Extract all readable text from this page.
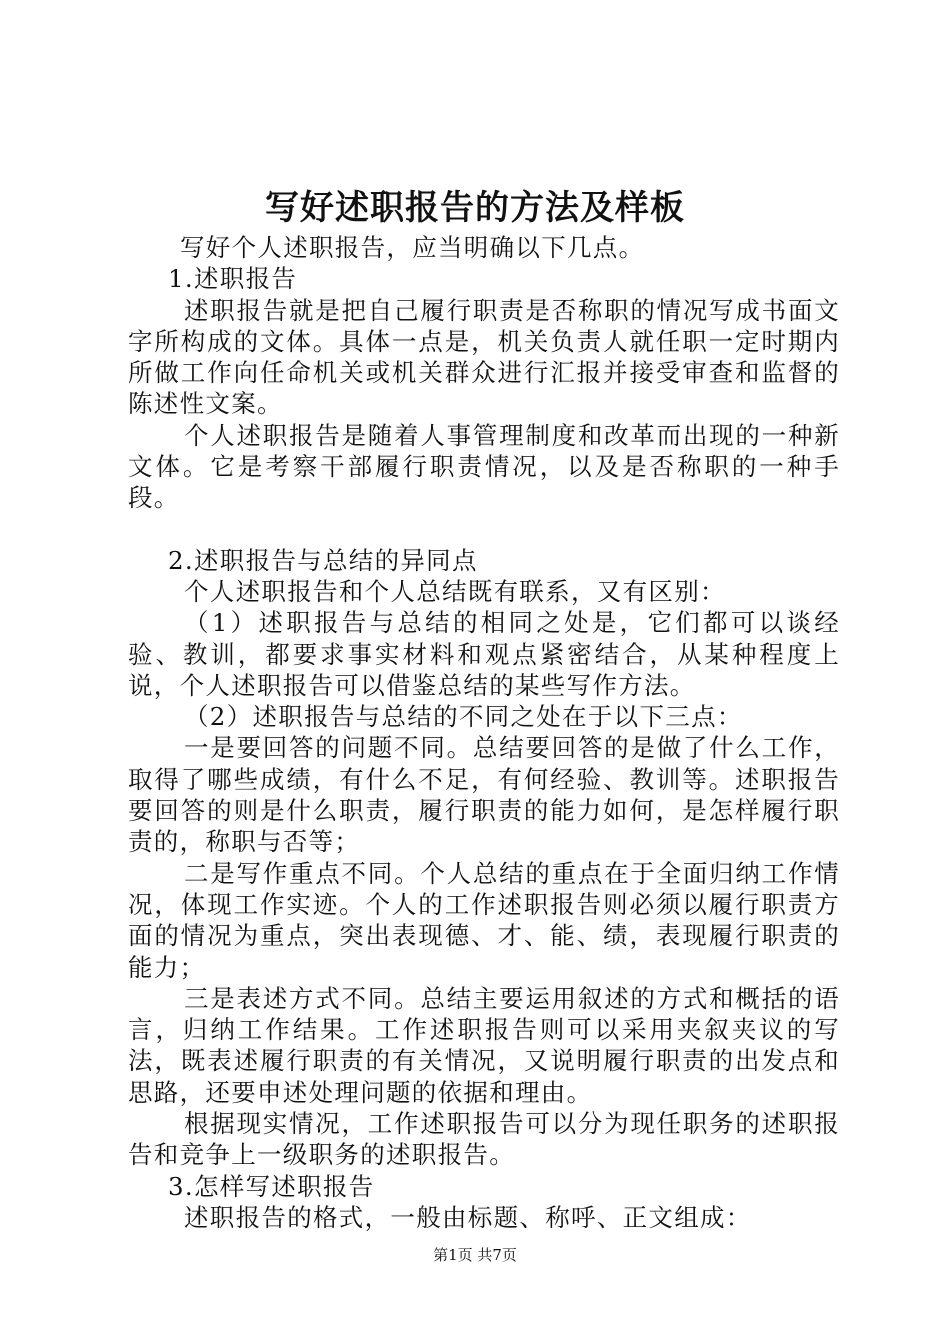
写好述职报告的方法及样板

写好个人述职报告，应当明确以下几点。

1.述职报告

述职报告就是把自己履行职责是否称职的情况写成书面文字所构成的文体。具体一点是，机关负责人就任职一定时期内所做工作向任命机关或机关群众进行汇报并接受审查和监督的陈述性文案。

个人述职报告是随着人事管理制度和改革而出现的一种新文体。它是考察干部履行职责情况，以及是否称职的一种手段。

2.述职报告与总结的异同点

个人述职报告和个人总结既有联系，又有区别：

（1）述职报告与总结的相同之处是，它们都可以谈经验、教训，都要求事实材料和观点紧密结合，从某种程度上说，个人述职报告可以借鉴总结的某些写作方法。

（2）述职报告与总结的不同之处在于以下三点：

一是要回答的问题不同。总结要回答的是做了什么工作，取得了哪些成绩，有什么不足，有何经验、教训等。述职报告要回答的则是什么职责，履行职责的能力如何，是怎样履行职责的，称职与否等；

二是写作重点不同。个人总结的重点在于全面归纳工作情况，体现工作实迹。个人的工作述职报告则必须以履行职责方面的情况为重点，突出表现德、才、能、绩，表现履行职责的能力；

三是表述方式不同。总结主要运用叙述的方式和概括的语言，归纳工作结果。工作述职报告则可以采用夹叙夹议的写法，既表述履行职责的有关情况，又说明履行职责的出发点和思路，还要申述处理问题的依据和理由。

根据现实情况，工作述职报告可以分为现任职务的述职报告和竞争上一级职务的述职报告。

3.怎样写述职报告

述职报告的格式，一般由标题、称呼、正文组成：

第1页 共7页
